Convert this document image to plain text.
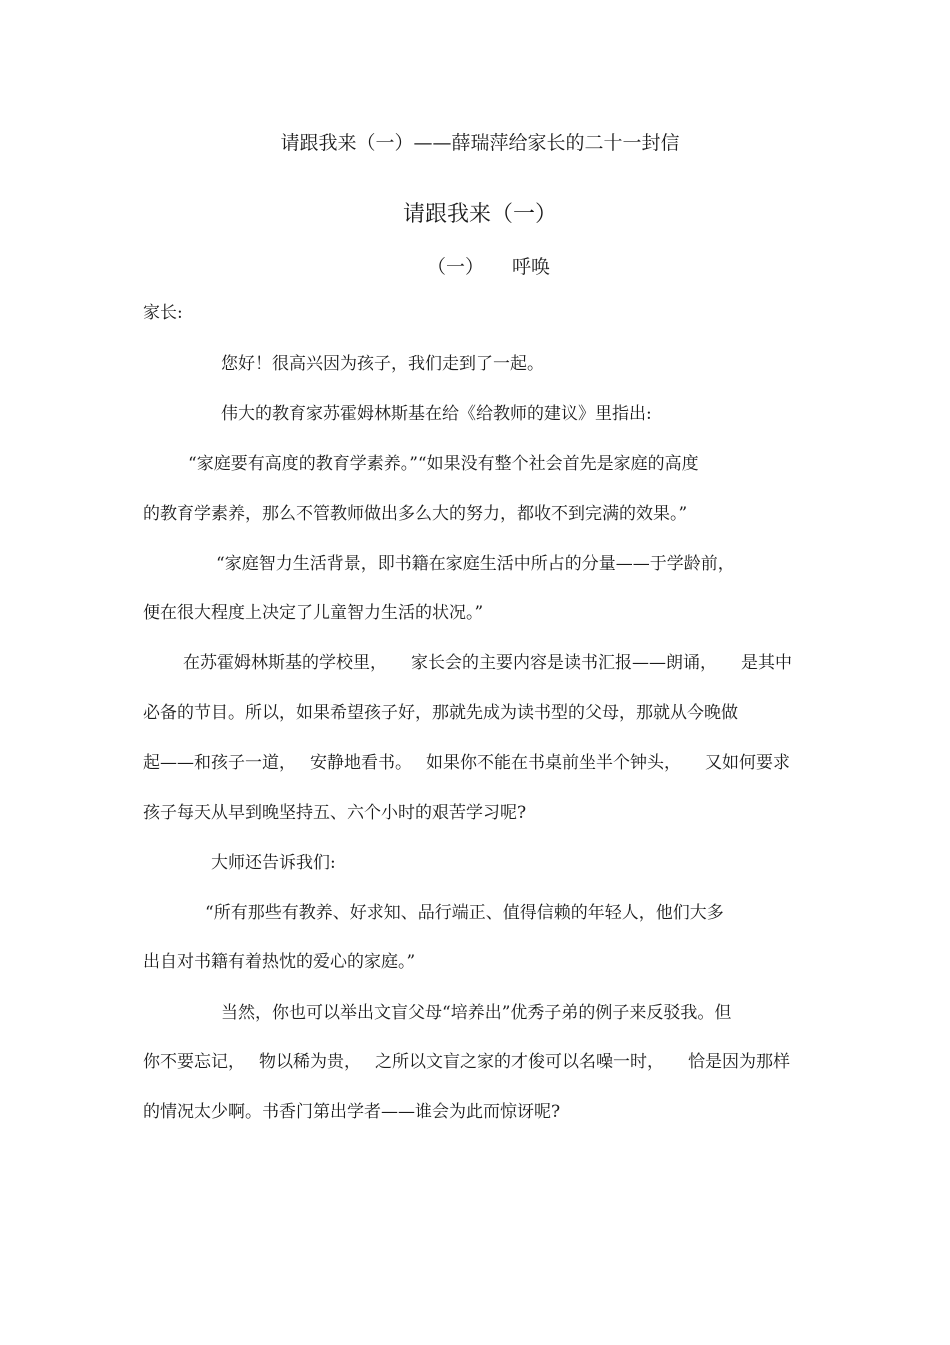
请跟我来（一）——薛瑞萍给家长的二十一封信
请跟我来（一）
（一） 呼唤
家长:
您好！很高兴因为孩子，我们走到了一起。
伟大的教育家苏霍姆林斯基在给《给教师的建议》里指出:
“家庭要有高度的教育学素养。”“如果没有整个社会首先是家庭的高度
的教育学素养，那么不管教师做出多么大的努力，都收不到完满的效果。”
“家庭智力生活背景，即书籍在家庭生活中所占的分量——于学龄前，
便在很大程度上决定了儿童智力生活的状况。”
在苏霍姆林斯基的学校里， 家长会的主要内容是读书汇报——朗诵， 是其中
必备的节目。所以，如果希望孩子好，那就先成为读书型的父母，那就从今晚做
起——和孩子一道， 安静地看书。 如果你不能在书桌前坐半个钟头， 又如何要求
孩子每天从早到晚坚持五、六个小时的艰苦学习呢?
大师还告诉我们:
“所有那些有教养、好求知、品行端正、值得信赖的年轻人，他们大多
出自对书籍有着热忱的爱心的家庭。”
当然，你也可以举出文盲父母“培养出”优秀子弟的例子来反驳我。但
你不要忘记， 物以稀为贵， 之所以文盲之家的才俊可以名噪一时， 恰是因为那样
的情况太少啊。书香门第出学者——谁会为此而惊讶呢?
